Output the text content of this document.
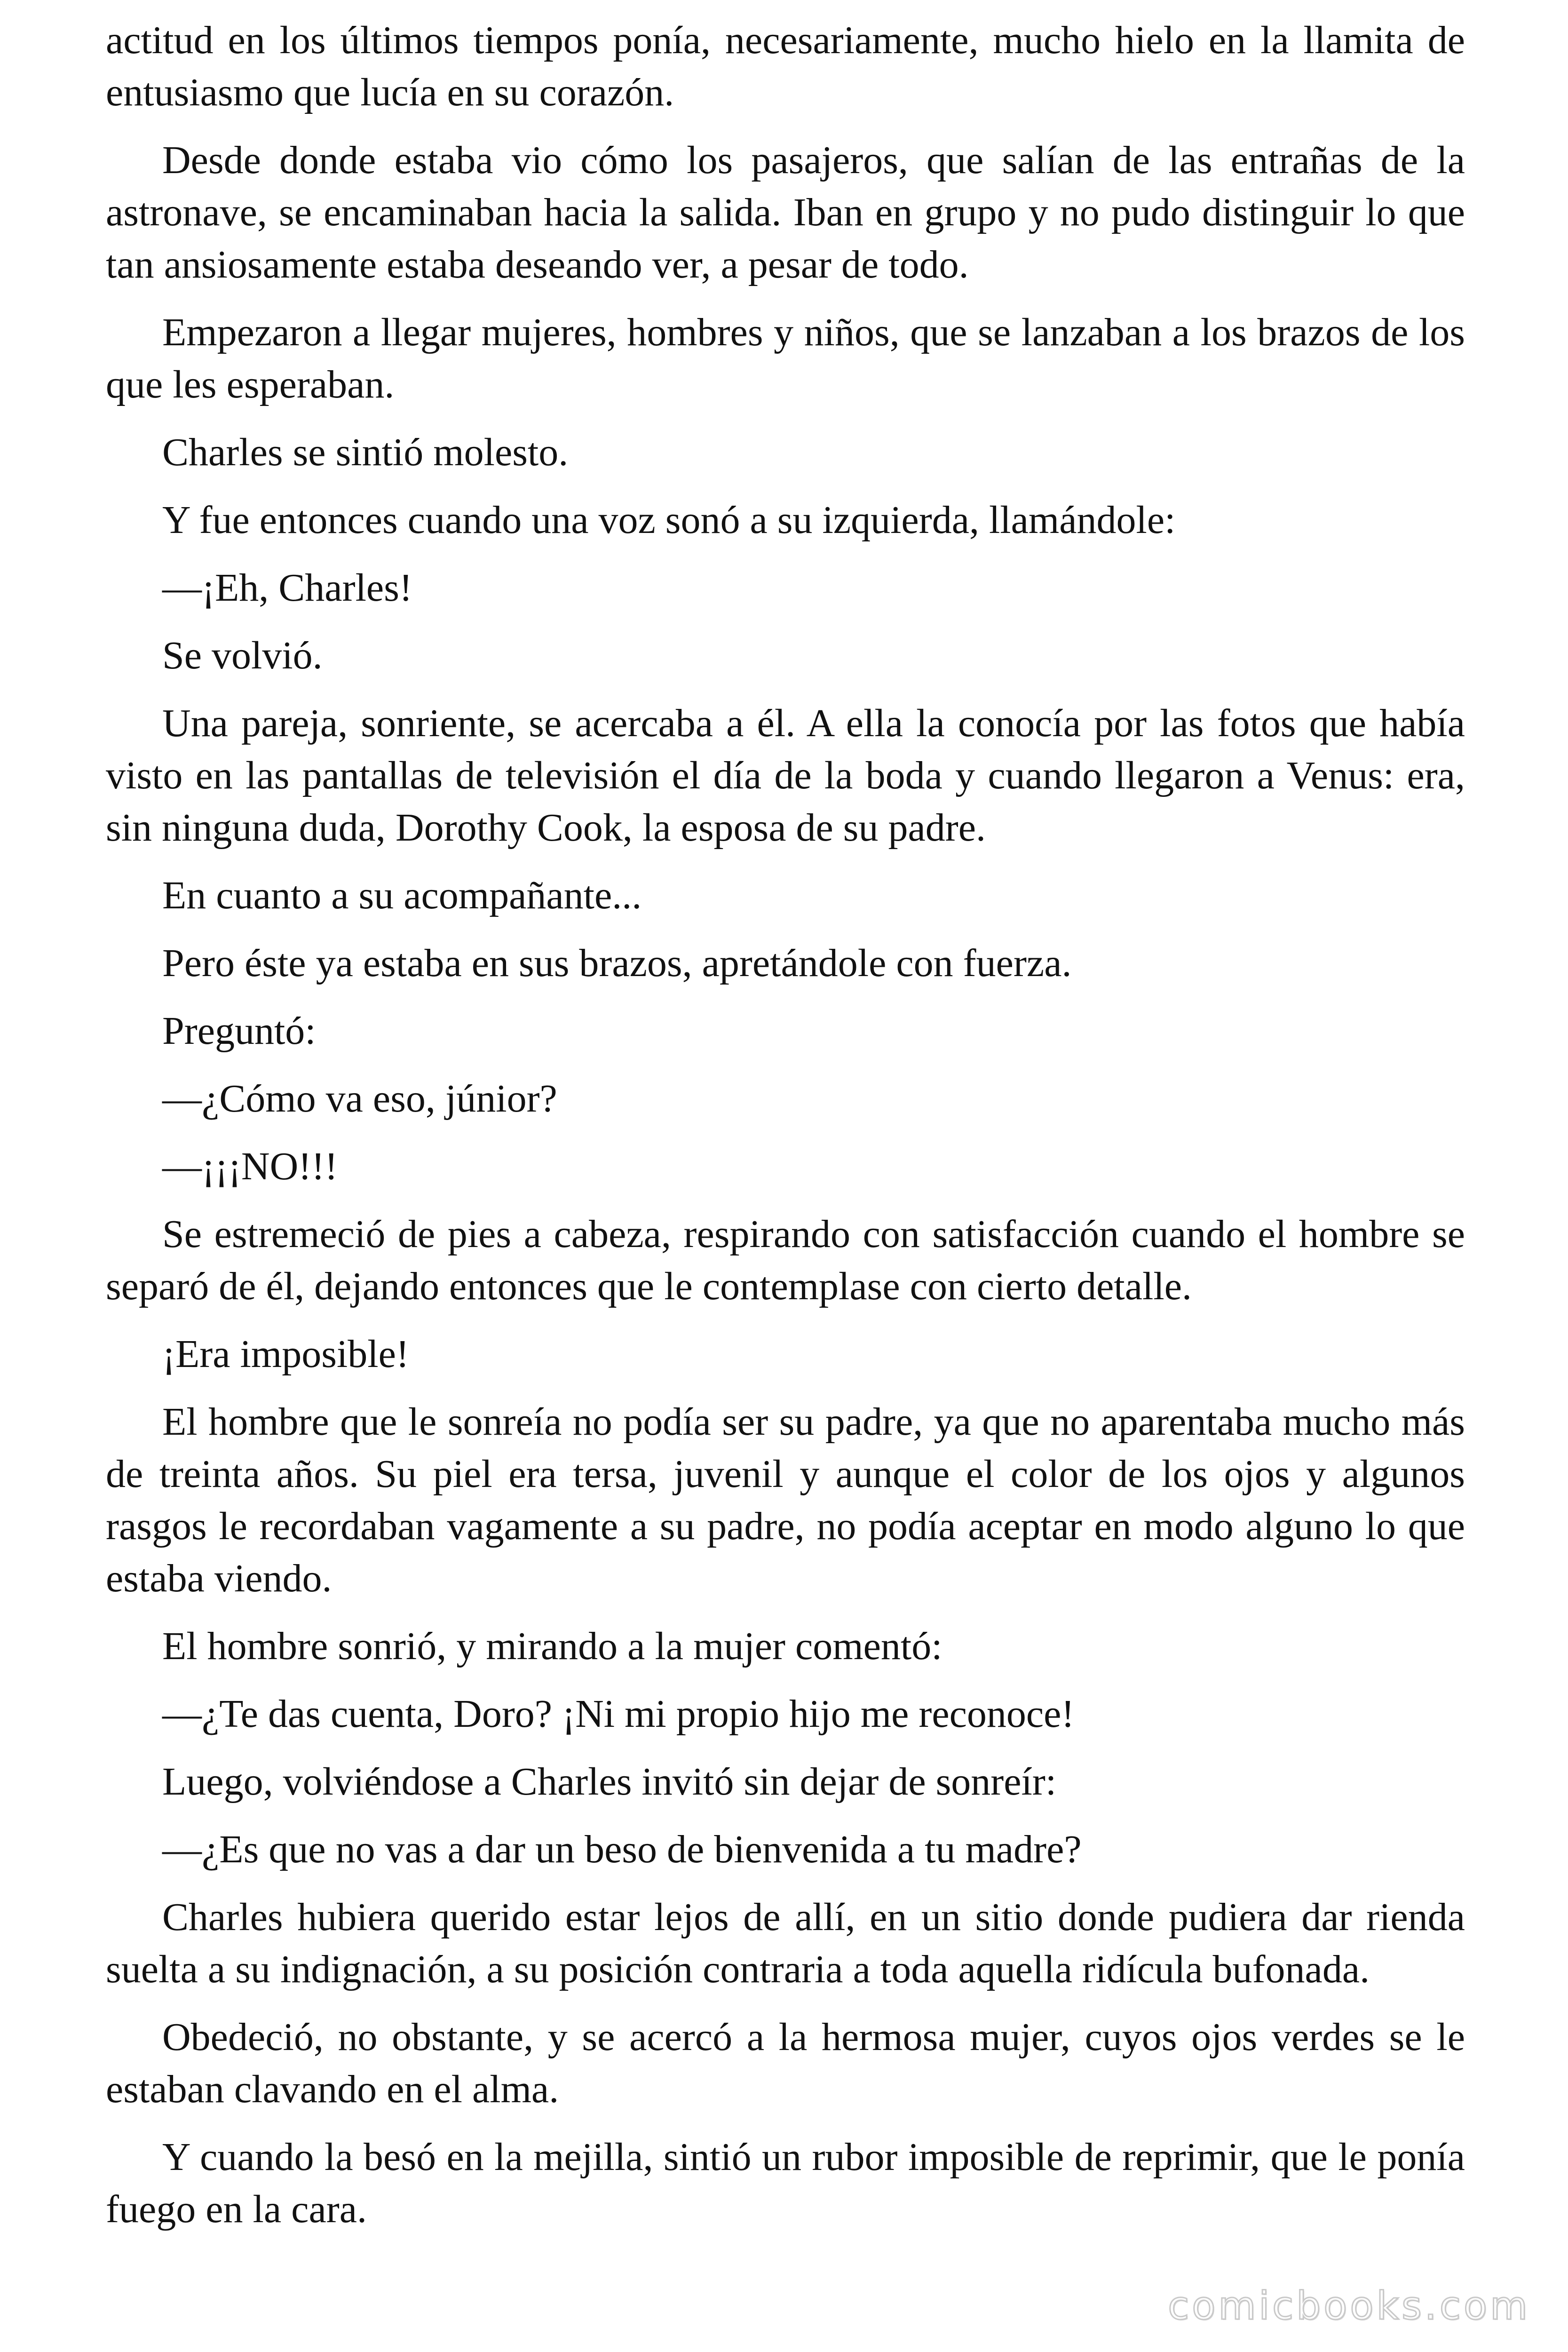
actitud en los últimos tiempos ponía, necesariamente, mucho hielo en la llamita de entusiasmo que lucía en su corazón.

Desde donde estaba vio cómo los pasajeros, que salían de las entrañas de la astronave, se encaminaban hacia la salida. Iban en grupo y no pudo distinguir lo que tan ansiosamente estaba deseando ver, a pesar de todo.

Empezaron a llegar mujeres, hombres y niños, que se lanzaban a los brazos de los que les esperaban.

Charles se sintió molesto.

Y fue entonces cuando una voz sonó a su izquierda, llamándole:

—¡Eh, Charles!

Se volvió.

Una pareja, sonriente, se acercaba a él. A ella la conocía por las fotos que había visto en las pantallas de televisión el día de la boda y cuando llegaron a Venus: era, sin ninguna duda, Dorothy Cook, la esposa de su padre.

En cuanto a su acompañante...

Pero éste ya estaba en sus brazos, apretándole con fuerza.

Preguntó:

—¿Cómo va eso, júnior?

—¡¡¡NO!!!

Se estremeció de pies a cabeza, respirando con satisfacción cuando el hombre se separó de él, dejando entonces que le contemplase con cierto detalle.

¡Era imposible!

El hombre que le sonreía no podía ser su padre, ya que no aparentaba mucho más de treinta años. Su piel era tersa, juvenil y aunque el color de los ojos y algunos rasgos le recordaban vagamente a su padre, no podía aceptar en modo alguno lo que estaba viendo.

El hombre sonrió, y mirando a la mujer comentó:

—¿Te das cuenta, Doro? ¡Ni mi propio hijo me reconoce!

Luego, volviéndose a Charles invitó sin dejar de sonreír:

—¿Es que no vas a dar un beso de bienvenida a tu madre?

Charles hubiera querido estar lejos de allí, en un sitio donde pudiera dar rienda suelta a su indignación, a su posición contraria a toda aquella ridícula bufonada.

Obedeció, no obstante, y se acercó a la hermosa mujer, cuyos ojos verdes se le estaban clavando en el alma.

Y cuando la besó en la mejilla, sintió un rubor imposible de reprimir, que le ponía fuego en la cara.

comicbooks.com
